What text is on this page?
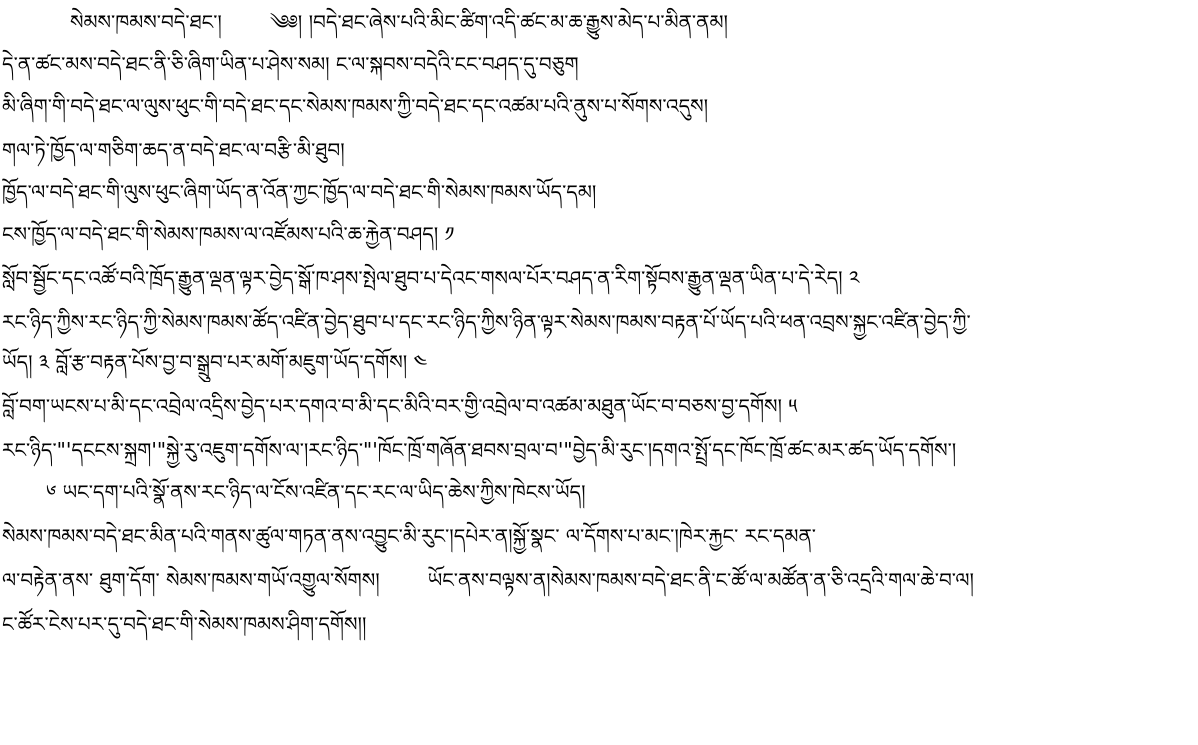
སེམས་ཁམས་བདེ་ཐང་། ༄༅། །བདེ་ཐང་ཞེས་པའི་མིང་ཚིག་འདི་ཚང་མ་ཆ་རྒྱུས་མེད་པ་མིན་ནམ།
དེ་ན་ཚང་མས་བདེ་ཐང་ནི་ཅི་ཞིག་ཡིན་པ་ཤེས་སམ། ང་ལ་སྐབས་བདེའི་ངང་བཤད་དུ་བཅུག
མི་ཞིག་གི་བདེ་ཐང་ལ་ལུས་ཕུང་གི་བདེ་ཐང་དང་སེམས་ཁམས་ཀྱི་བདེ་ཐང་དང་འཚམ་པའི་ནུས་པ་སོགས་འདུས།
གལ་ཏེ་ཁྱོད་ལ་གཅིག་ཆད་ན་བདེ་ཐང་ལ་བརྩི་མི་ཐུབ།
ཁྱོད་ལ་བདེ་ཐང་གི་ལུས་ཕུང་ཞིག་ཡོད་ན་འོན་ཀྱང་ཁྱོད་ལ་བདེ་ཐང་གི་སེམས་ཁམས་ཡོད་དམ།
ངས་ཁྱོད་ལ་བདེ་ཐང་གི་སེམས་ཁམས་ལ་འཛོམས་པའི་ཆ་རྐྱེན་བཤད། ༡
སློབ་སྦྱོང་དང་འཚོ་བའི་ཁྲོད་རྒྱུན་ལྡན་ལྟར་བྱེད་སྒོ་ཁ་ཤས་སྤེལ་ཐུབ་པ་དེའང་གསལ་པོར་བཤད་ན་རིག་སྟོབས་རྒྱུན་ལྡན་ཡིན་པ་དེ་རེད། ༢
རང་ཉིད་ཀྱིས་རང་ཉིད་ཀྱི་སེམས་ཁམས་ཚོད་འཛིན་བྱེད་ཐུབ་པ་དང་རང་ཉིད་ཀྱིས་ཉིན་ལྟར་སེམས་ཁམས་བརྟན་པོ་ཡོད་པའི་ཕན་འབྲས་སྐྱང་འཛིན་བྱེད་ཀྱི་
ཡོད། ༣ བློ་རྩ་བརྟན་པོས་བྱ་བ་སྒྲུབ་པར་མགོ་མཇུག་ཡོད་དགོས། ༤
བློ་བག་ཡངས་པ་མི་དང་འབྲེལ་འདྲིས་བྱེད་པར་དགའ་བ་མི་དང་མིའི་བར་གྱི་འབྲེལ་བ་འཚམ་མཐུན་ཡོང་བ་བཅས་བྱ་དགོས། ༥
རང་ཉིད་"'དངངས་སྐྲག'"སྐྱེ་རུ་འཇུག་དགོས་ལ་།རང་ཉིད་"'ཁོང་ཁྲོ་གཞོན་ཐབས་བྲལ་བ'"བྱེད་མི་རུང་།དགའ་སྤྲོ་དང་ཁོང་ཁྲོ་ཚང་མར་ཚད་ཡོད་དགོས་།
༦ ཡང་དག་པའི་སྣོ་ནས་རང་ཉིད་ལ་ངོས་འཛིན་དང་རང་ལ་ཡིད་ཆེས་ཀྱིས་ཁེངས་ཡོད།
སེམས་ཁམས་བདེ་ཐང་མིན་པའི་གནས་ཚུལ་གཏན་ནས་འབྱུང་མི་རུང་།དཔེར་ན།སྐྱོ་སྣང་ ལ་དོགས་པ་མང་།ཁེར་རྐྱང་ རང་དམན་
ལ་བརྟེན་ནས་ ཐུག་དོག་ སེམས་ཁམས་གཡོ་འགྱུལ་སོགས། ཡོང་ནས་བལྟས་ན།སེམས་ཁམས་བདེ་ཐང་ནི་ང་ཚོ་ལ་མཚོན་ན་ཅི་འདྲའི་གལ་ཆེ་བ་ལ།
ང་ཚོར་ངེས་པར་དུ་བདེ་ཐང་གི་སེམས་ཁམས་ཤིག་དགོས།།
